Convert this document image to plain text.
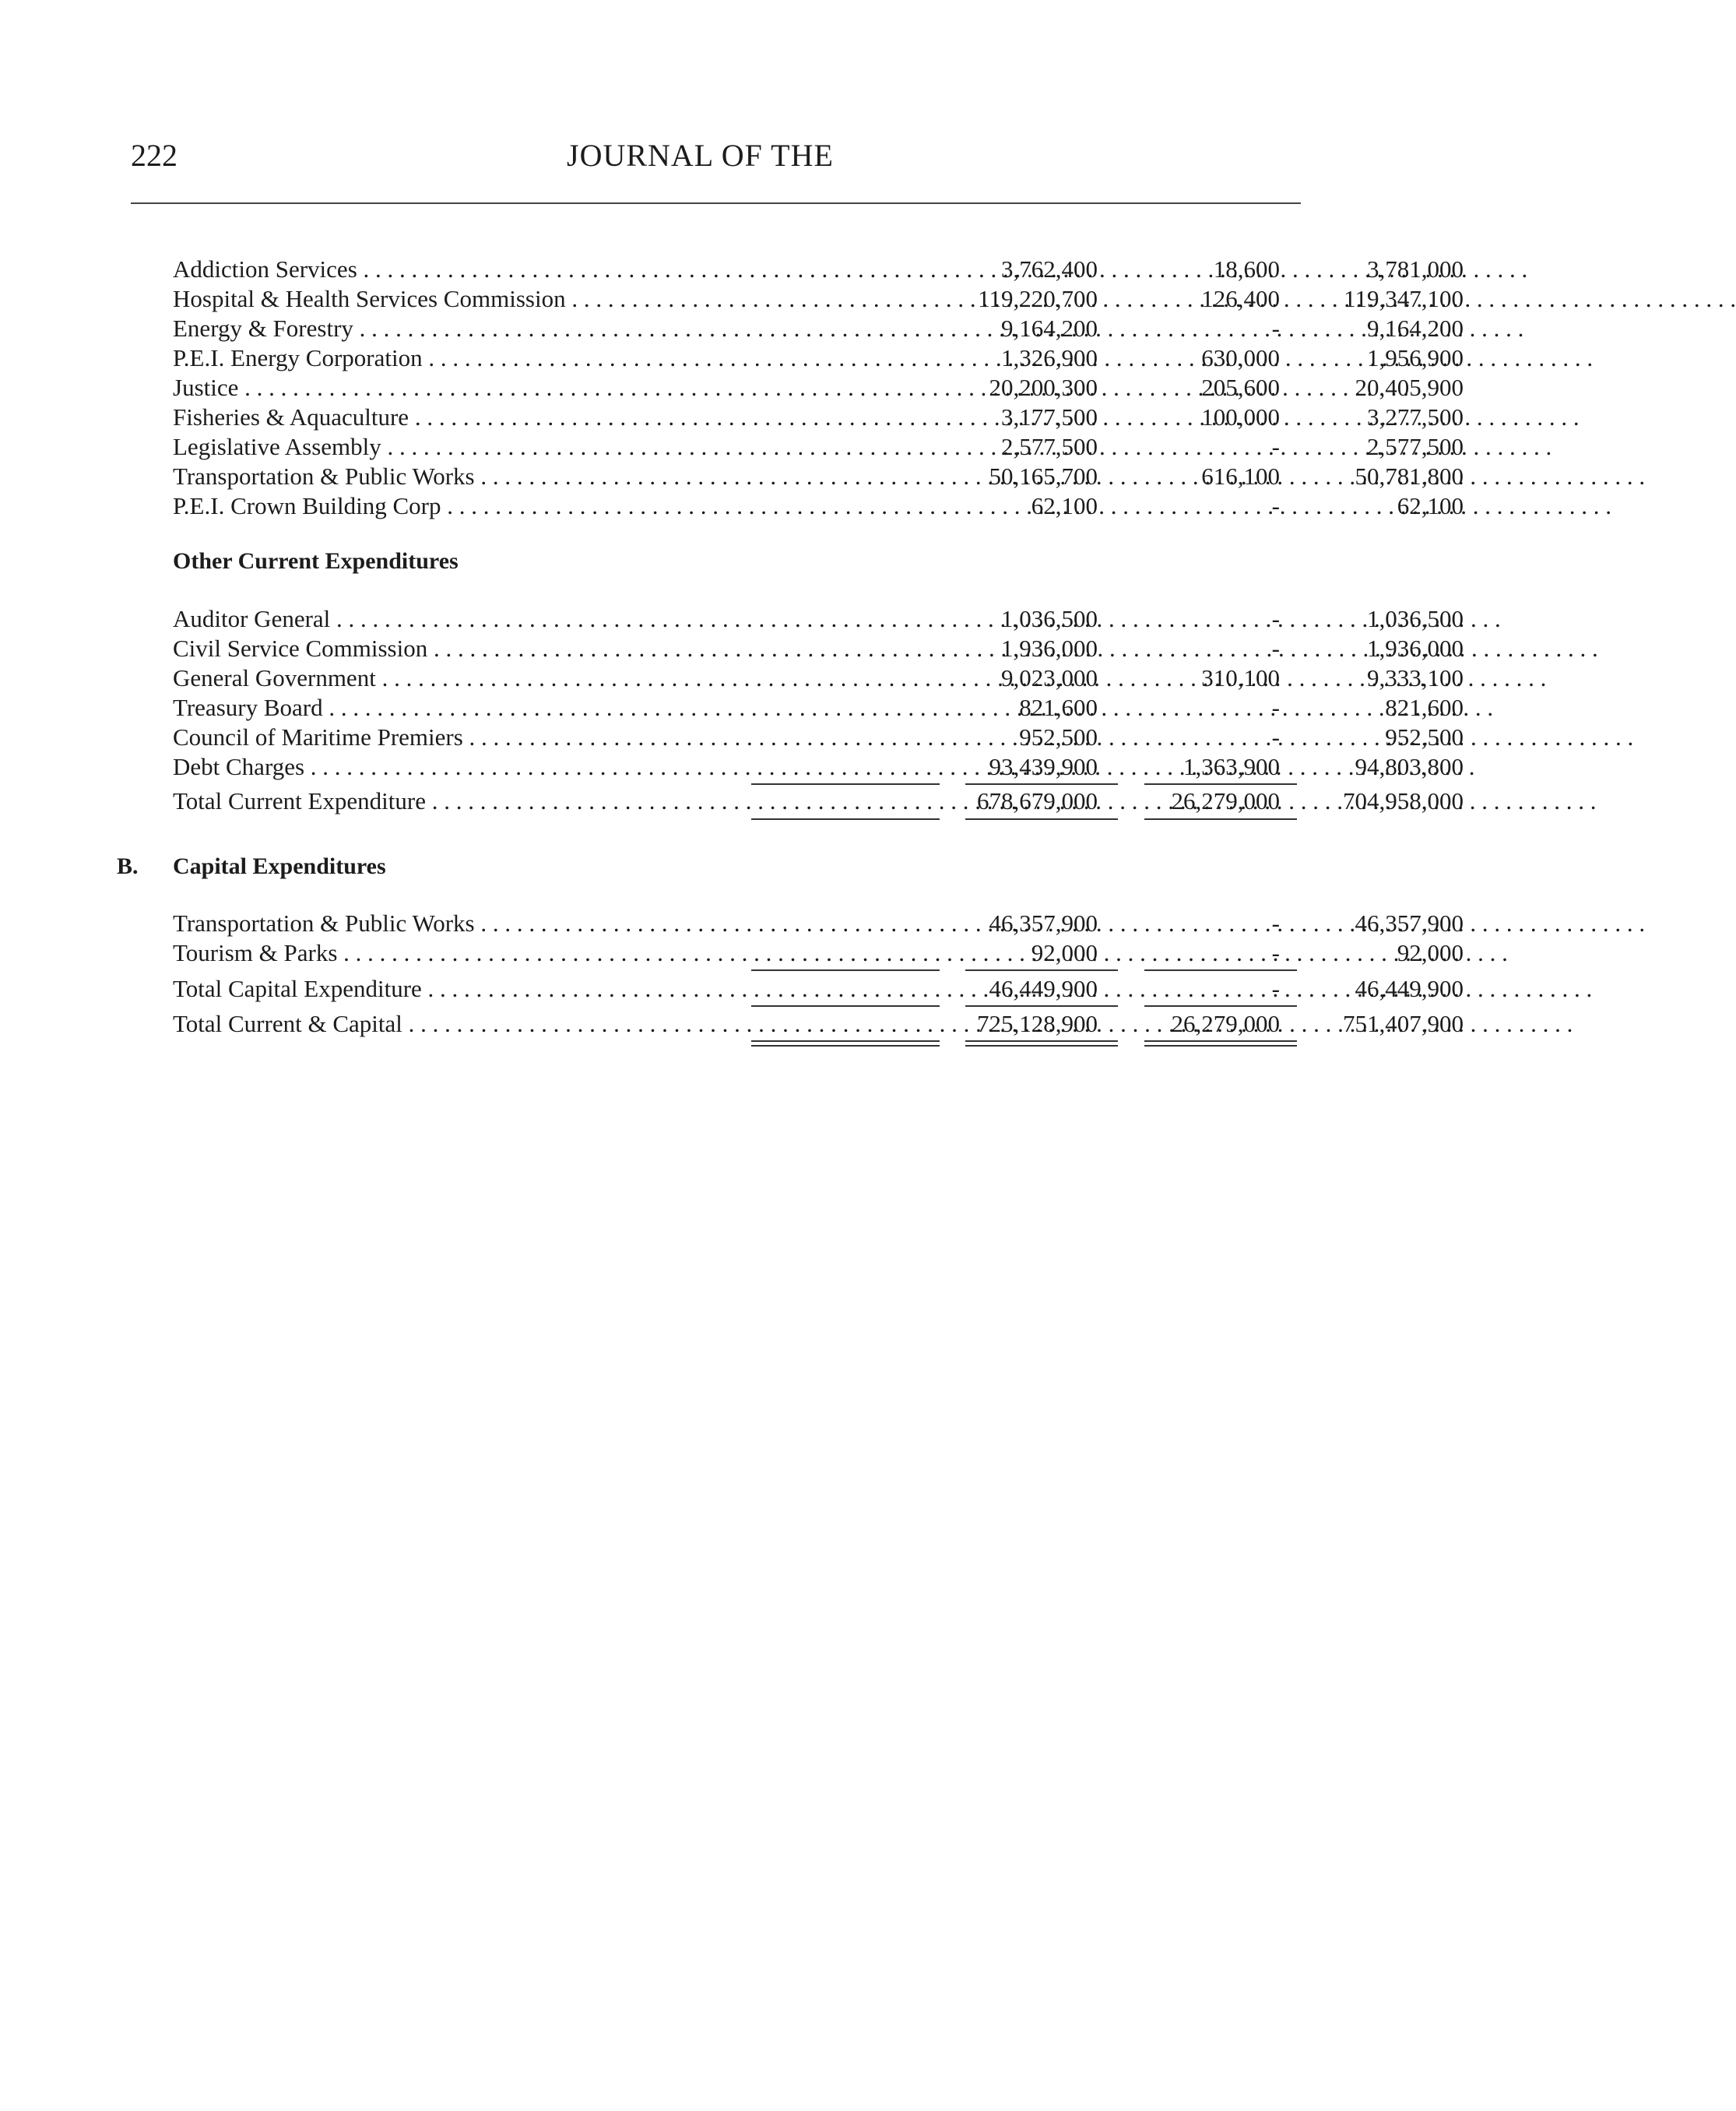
222	JOURNAL OF THE
Addiction Services . . .	3,762,400	18,600	3,781,000
Hospital & Health Services Commission . . .	119,220,700	126,400	119,347,100
Energy & Forestry . . .	9,164,200	-	9,164,200
P.E.I. Energy Corporation . . .	1,326,900	630,000	1,956,900
Justice . . .	20,200,300	205,600	20,405,900
Fisheries & Aquaculture . . .	3,177,500	100,000	3,277,500
Legislative Assembly . . .	2,577,500	-	2,577,500
Transportation & Public Works . . .	50,165,700	616,100	50,781,800
P.E.I. Crown Building Corp . . .	62,100	-	62,100
Other Current Expenditures
Auditor General . . .	1,036,500	-	1,036,500
Civil Service Commission . . .	1,936,000	-	1,936,000
General Government . . .	9,023,000	310,100	9,333,100
Treasury Board . . .	821,600	-	821,600
Council of Maritime Premiers . . .	952,500	-	952,500
Debt Charges . . .	93,439,900	1,363,900	94,803,800
Total Current Expenditure . . .	678,679,000	26,279,000	704,958,000
B. Capital Expenditures
Transportation & Public Works . . .	46,357,900	-	46,357,900
Tourism & Parks . . .	92,000	-	92,000
Total Capital Expenditure . . .	46,449,900	-	46,449,900
Total Current & Capital . . .	725,128,900	26,279,000	751,407,900
